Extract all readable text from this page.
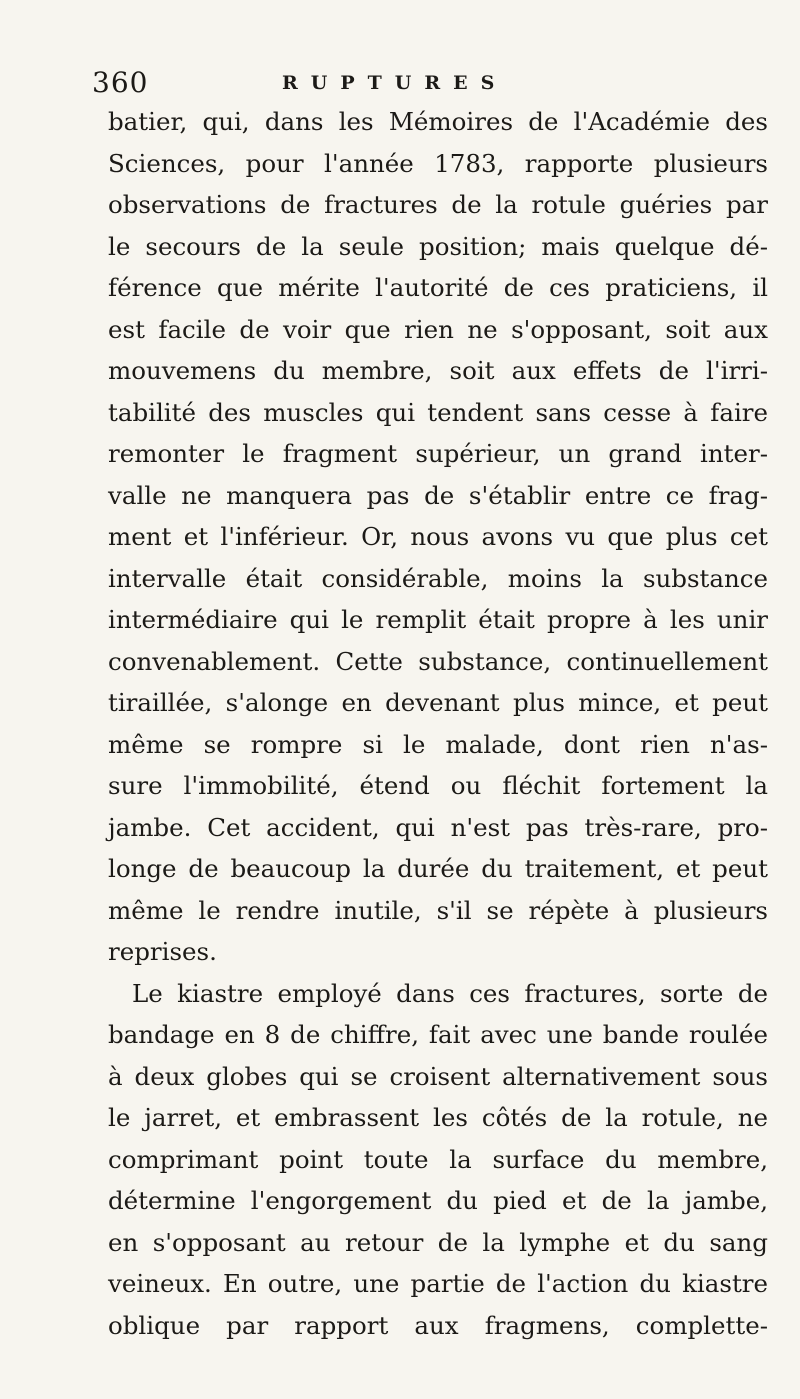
360	RUPTURES
batier, qui, dans les Mémoires de l'Académie des
Sciences, pour l'année 1783, rapporte plusieurs
observations de fractures de la rotule guéries par
le secours de la seule position; mais quelque dé-
férence que mérite l'autorité de ces praticiens, il
est facile de voir que rien ne s'opposant, soit aux
mouvemens du membre, soit aux effets de l'irri-
tabilité des muscles qui tendent sans cesse à faire
remonter le fragment supérieur, un grand inter-
valle ne manquera pas de s'établir entre ce frag-
ment et l'inférieur. Or, nous avons vu que plus cet
intervalle était considérable, moins la substance
intermédiaire qui le remplit était propre à les unir
convenablement. Cette substance, continuellement
tiraillée, s'alonge en devenant plus mince, et peut
même se rompre si le malade, dont rien n'as-
sure l'immobilité, étend ou fléchit fortement la
jambe. Cet accident, qui n'est pas très-rare, pro-
longe de beaucoup la durée du traitement, et peut
même le rendre inutile, s'il se répète à plusieurs
reprises.
Le kiastre employé dans ces fractures, sorte de
bandage en 8 de chiffre, fait avec une bande roulée
à deux globes qui se croisent alternativement sous
le jarret, et embrassent les côtés de la rotule, ne
comprimant point toute la surface du membre,
détermine l'engorgement du pied et de la jambe,
en s'opposant au retour de la lymphe et du sang
veineux. En outre, une partie de l'action du kiastre
oblique par rapport aux fragmens, complette-
